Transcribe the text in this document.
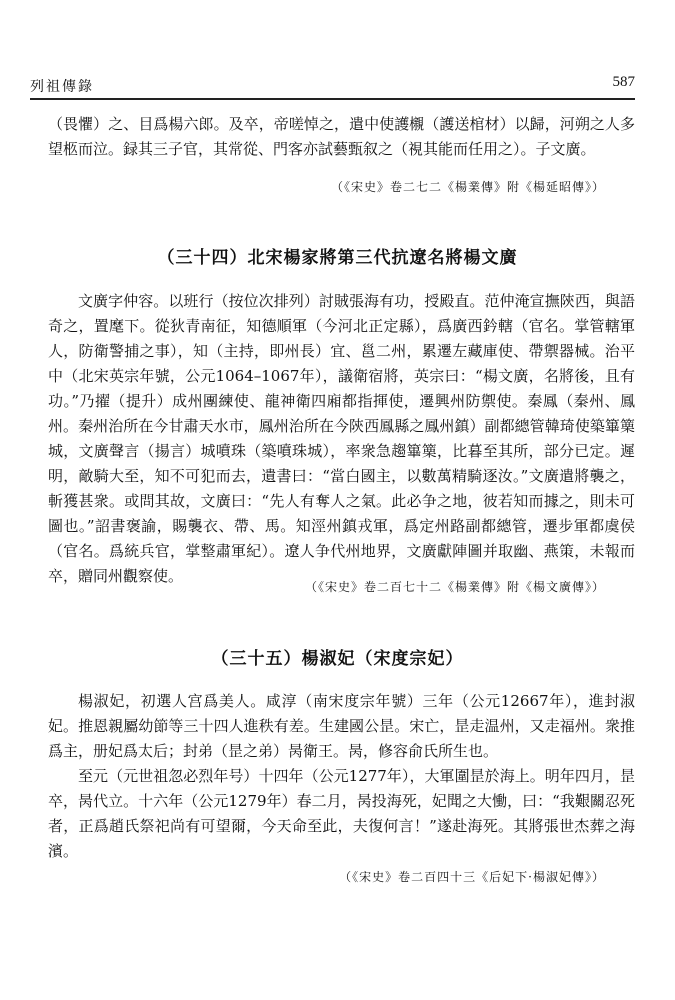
列祖傳錄	587

（畏懼）之、目爲楊六郎。及卒，帝嗟悼之，遣中使護櫬（護送棺材）以歸，河朔之人多望柩而泣。録其三子官，其常從、門客亦試藝甄叙之（視其能而任用之）。子文廣。

（《宋史》卷二七二《楊業傳》附《楊延昭傳》）
（三十四）北宋楊家將第三代抗遼名將楊文廣

文廣字仲容。以班行（按位次排列）討賊張海有功，授殿直。范仲淹宣撫陝西，與語奇之，置麾下。從狄青南征，知德順軍（今河北正定縣），爲廣西鈐轄（官名。掌管轄軍人，防衛警捕之事），知（主持，即州長）宜、邕二州，累遷左藏庫使、帶禦器械。治平中（北宋英宗年號，公元1064–1067年），議衛宿將，英宗曰：“楊文廣，名將後，且有功。”乃擢（提升）成州團練使、龍神衛四廂都指揮使，遷興州防禦使。秦鳳（秦州、鳳州。秦州治所在今甘肅天水市，鳳州治所在今陝西鳳縣之鳳州鎮）副都總管韓琦使築篳篥城，文廣聲言（揚言）城噴珠（築噴珠城），率衆急趨篳篥，比暮至其所，部分已定。遲明，敵騎大至，知不可犯而去，遺書曰：“當白國主，以數萬精騎逐汝。”文廣遣將襲之，斬獲甚衆。或問其故，文廣曰：“先人有奪人之氣。此必争之地，彼若知而據之，則未可圖也。”詔書褒諭，賜襲衣、帶、馬。知涇州鎮戎軍，爲定州路副都總管，遷步軍都虞侯（官名。爲統兵官，掌整肅軍紀）。遼人争代州地界，文廣獻陣圖并取幽、燕策，未報而卒，贈同州觀察使。

（《宋史》卷二百七十二《楊業傳》附《楊文廣傳》）
（三十五）楊淑妃（宋度宗妃）

楊淑妃，初選人宫爲美人。咸淳（南宋度宗年號）三年（公元12667年），進封淑妃。推恩親屬幼節等三十四人進秩有差。生建國公昰。宋亡，昰走温州，又走福州。衆推爲主，册妃爲太后；封弟（昰之弟）昺衛王。昺，修容俞氏所生也。

至元（元世祖忽必烈年号）十四年（公元1277年），大軍圍昰於海上。明年四月，昰卒，昺代立。十六年（公元1279年）春二月，昺投海死，妃聞之大慟，曰：“我艱關忍死者，正爲趙氏祭祀尚有可望爾，今天命至此，夫復何言！”遂赴海死。其將張世杰葬之海濱。

（《宋史》卷二百四十三《后妃下·楊淑妃傳》）
